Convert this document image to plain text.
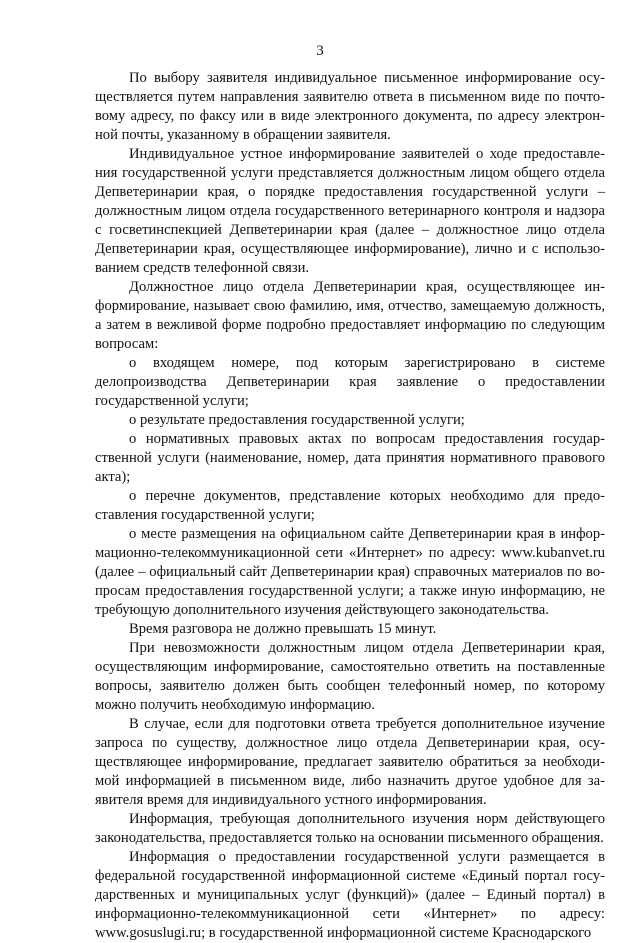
3

По выбору заявителя индивидуальное письменное информирование осуществляется путем направления заявителю ответа в письменном виде по почтовому адресу, по факсу или в виде электронного документа, по адресу электронной почты, указанному в обращении заявителя.

Индивидуальное устное информирование заявителей о ходе предоставления государственной услуги представляется должностным лицом общего отдела Депветеринарии края, о порядке предоставления государственной услуги – должностным лицом отдела государственного ветеринарного контроля и надзора с госветинспекцией Депветеринарии края (далее – должностное лицо отдела Депветеринарии края, осуществляющее информирование), лично и с использованием средств телефонной связи.

Должностное лицо отдела Депветеринарии края, осуществляющее информирование, называет свою фамилию, имя, отчество, замещаемую должность, а затем в вежливой форме подробно предоставляет информацию по следующим вопросам:

о входящем номере, под которым зарегистрировано в системе делопроизводства Депветеринарии края заявление о предоставлении государственной услуги;

о результате предоставления государственной услуги;

о нормативных правовых актах по вопросам предоставления государственной услуги (наименование, номер, дата принятия нормативного правового акта);

о перечне документов, представление которых необходимо для предоставления государственной услуги;

о месте размещения на официальном сайте Депветеринарии края в информационно-телекоммуникационной сети «Интернет» по адресу: www.kubanvet.ru (далее – официальный сайт Депветеринарии края) справочных материалов по вопросам предоставления государственной услуги; а также иную информацию, не требующую дополнительного изучения действующего законодательства.

Время разговора не должно превышать 15 минут.

При невозможности должностным лицом отдела Депветеринарии края, осуществляющим информирование, самостоятельно ответить на поставленные вопросы, заявителю должен быть сообщен телефонный номер, по которому можно получить необходимую информацию.

В случае, если для подготовки ответа требуется дополнительное изучение запроса по существу, должностное лицо отдела Депветеринарии края, осуществляющее информирование, предлагает заявителю обратиться за необходимой информацией в письменном виде, либо назначить другое удобное для заявителя время для индивидуального устного информирования.

Информация, требующая дополнительного изучения норм действующего законодательства, предоставляется только на основании письменного обращения.

Информация о предоставлении государственной услуги размещается в федеральной государственной информационной системе «Единый портал государственных и муниципальных услуг (функций)» (далее – Единый портал) в информационно-телекоммуникационной сети «Интернет» по адресу: www.gosuslugi.ru; в государственной информационной системе Краснодарского
